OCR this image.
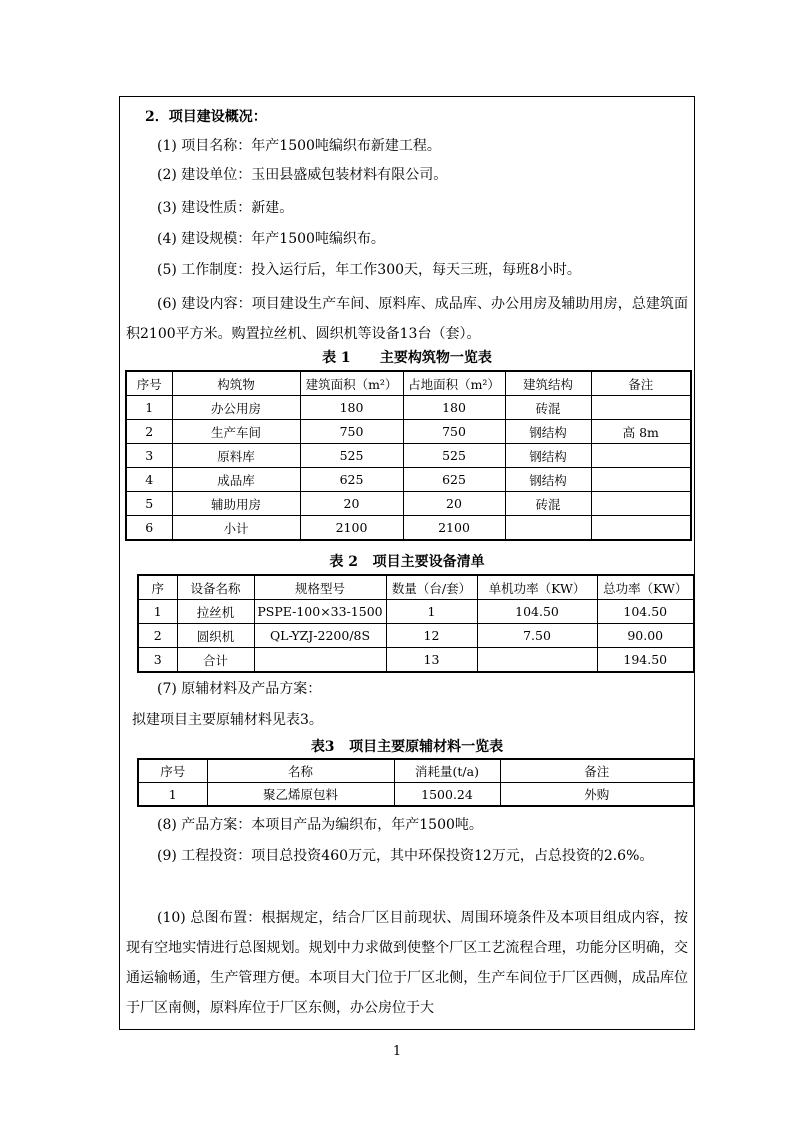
2．项目建设概况：
(1) 项目名称：年产1500吨编织布新建工程。
(2) 建设单位：玉田县盛威包装材料有限公司。
(3) 建设性质：新建。
(4) 建设规模：年产1500吨编织布。
(5) 工作制度：投入运行后，年工作300天，每天三班，每班8小时。
(6) 建设内容：项目建设生产车间、原料库、成品库、办公用房及辅助用房，总建筑面积2100平方米。购置拉丝机、圆织机等设备13台（套）。
表 1      主要构筑物一览表
序号	构筑物	建筑面积（m²）	占地面积（m²）	建筑结构	备注
1	办公用房	180	180	砖混	
2	生产车间	750	750	钢结构	高 8m
3	原料库	525	525	钢结构	
4	成品库	625	625	钢结构	
5	辅助用房	20	20	砖混	
6	小计	2100	2100		
表 2   项目主要设备清单
序	设备名称	规格型号	数量（台/套）	单机功率（KW）	总功率（KW）
1	拉丝机	PSPE-100×33-1500	1	104.50	104.50
2	圆织机	QL-YZJ-2200/8S	12	7.50	90.00
3	合计		13		194.50
(7) 原辅材料及产品方案：
拟建项目主要原辅材料见表3。
表3   项目主要原辅材料一览表
序号	名称	消耗量(t/a)	备注
1	聚乙烯原包料	1500.24	外购
(8) 产品方案：本项目产品为编织布，年产1500吨。
(9) 工程投资：项目总投资460万元，其中环保投资12万元，占总投资的2.6%。
(10) 总图布置：根据规定，结合厂区目前现状、周围环境条件及本项目组成内容，按现有空地实情进行总图规划。规划中力求做到使整个厂区工艺流程合理，功能分区明确，交通运输畅通，生产管理方便。本项目大门位于厂区北侧，生产车间位于厂区西侧，成品库位于厂区南侧，原料库位于厂区东侧，办公房位于大
1
